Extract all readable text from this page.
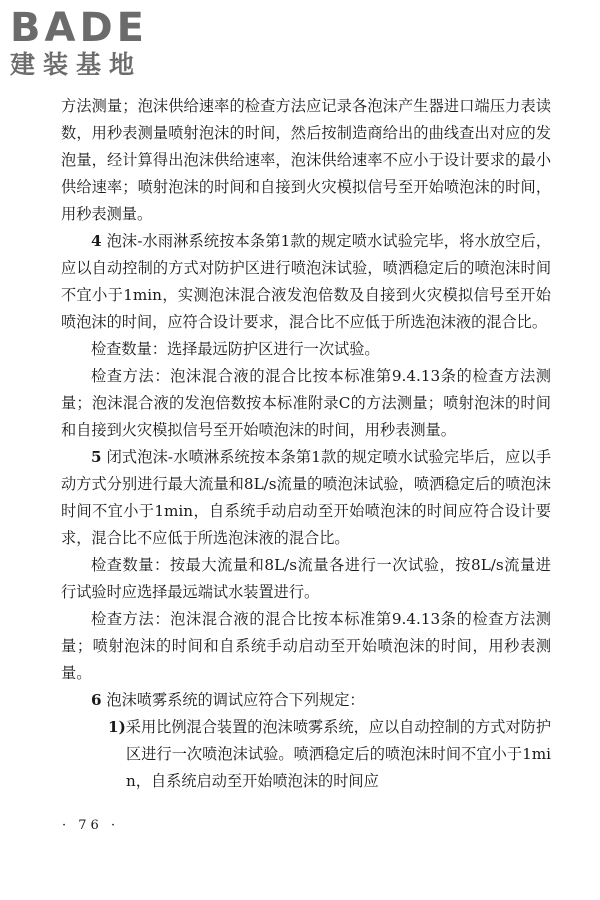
BADE
建装基地

方法测量；泡沫供给速率的检查方法应记录各泡沫产生器进口端压力表读数，用秒表测量喷射泡沫的时间，然后按制造商给出的曲线查出对应的发泡量，经计算得出泡沫供给速率，泡沫供给速率不应小于设计要求的最小供给速率；喷射泡沫的时间和自接到火灾模拟信号至开始喷泡沫的时间，用秒表测量。

4 泡沫-水雨淋系统按本条第1款的规定喷水试验完毕，将水放空后，应以自动控制的方式对防护区进行喷泡沫试验，喷洒稳定后的喷泡沫时间不宜小于1min，实测泡沫混合液发泡倍数及自接到火灾模拟信号至开始喷泡沫的时间，应符合设计要求，混合比不应低于所选泡沫液的混合比。

检查数量：选择最远防护区进行一次试验。

检查方法：泡沫混合液的混合比按本标准第9.4.13条的检查方法测量；泡沫混合液的发泡倍数按本标准附录C的方法测量；喷射泡沫的时间和自接到火灾模拟信号至开始喷泡沫的时间，用秒表测量。

5 闭式泡沫-水喷淋系统按本条第1款的规定喷水试验完毕后，应以手动方式分别进行最大流量和8L/s流量的喷泡沫试验，喷洒稳定后的喷泡沫时间不宜小于1min，自系统手动启动至开始喷泡沫的时间应符合设计要求，混合比不应低于所选泡沫液的混合比。

检查数量：按最大流量和8L/s流量各进行一次试验，按8L/s流量进行试验时应选择最远端试水装置进行。

检查方法：泡沫混合液的混合比按本标准第9.4.13条的检查方法测量；喷射泡沫的时间和自系统手动启动至开始喷泡沫的时间，用秒表测量。

6 泡沫喷雾系统的调试应符合下列规定：

1)采用比例混合装置的泡沫喷雾系统，应以自动控制的方式对防护区进行一次喷泡沫试验。喷洒稳定后的喷泡沫时间不宜小于1min，自系统启动至开始喷泡沫的时间应

· 76 ·
